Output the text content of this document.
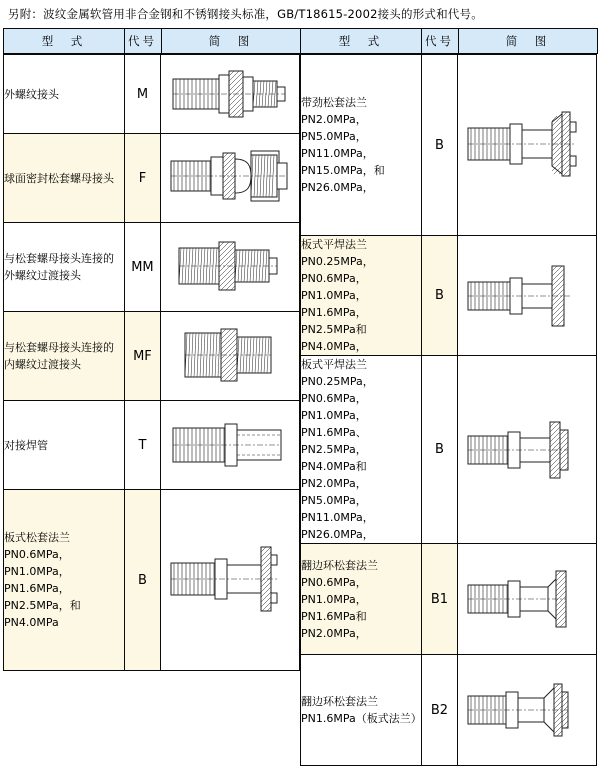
另附：波纹金属软管用非合金钢和不锈钢接头标准，GB/T18615-2002接头的形式和代号。
型　式	代号	简　图	型　式	代号	简　图

外螺纹接头	M	

球面密封松套螺母接头	F	

与松套螺母接头连接的外螺纹过渡接头	MM	

与松套螺母接头连接的内螺纹过渡接头	MF	

对接焊管	T	

板式松套法兰 PN0.6MPa，PN1.0MPa，PN1.6MPa，PN2.5MPa，和PN4.0MPa	B	

带劲松套法兰 PN2.0MPa，PN5.0MPa，PN11.0MPa，PN15.0MPa，和PN26.0MPa，	B	

板式平焊法兰 PN0.25MPa，PN0.6MPa，PN1.0MPa，PN1.6MPa，PN2.5MPa和PN4.0MPa，	B	

板式平焊法兰 PN0.25MPa，PN0.6MPa，PN1.0MPa，PN1.6MPa、PN2.5MPa，PN4.0MPa和PN2.0MPa，PN5.0MPa，PN11.0MPa，PN26.0MPa，	B	

翻边环松套法兰 PN0.6MPa，PN1.0MPa，PN1.6MPa和PN2.0MPa，	B1	

翻边环松套法兰 PN1.6MPa（板式法兰）	B2	
